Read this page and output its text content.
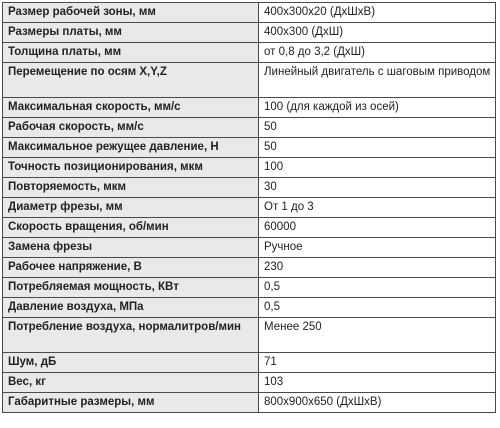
Размер рабочей зоны, мм	400x300x20 (ДхШхВ)
Размеры платы, мм	400x300 (ДхШ)
Толщина платы, мм	от 0,8 до 3,2 (ДхШ)
Перемещение по осям X,Y,Z	Линейный двигатель с шаговым приводом
Максимальная скорость, мм/с	100 (для каждой из осей)
Рабочая скорость, мм/с	50
Максимальное режущее давление, Н	50
Точность позиционирования, мкм	100
Повторяемость, мкм	30
Диаметр фрезы, мм	От 1 до 3
Скорость вращения, об/мин	60000
Замена фрезы	Ручное
Рабочее напряжение, В	230
Потребляемая мощность, КВт	0,5
Давление воздуха, МПа	0,5
Потребление воздуха, нормалитров/мин	Менее 250
Шум, дБ	71
Вес, кг	103
Габаритные размеры, мм	800x900x650 (ДхШхВ)
